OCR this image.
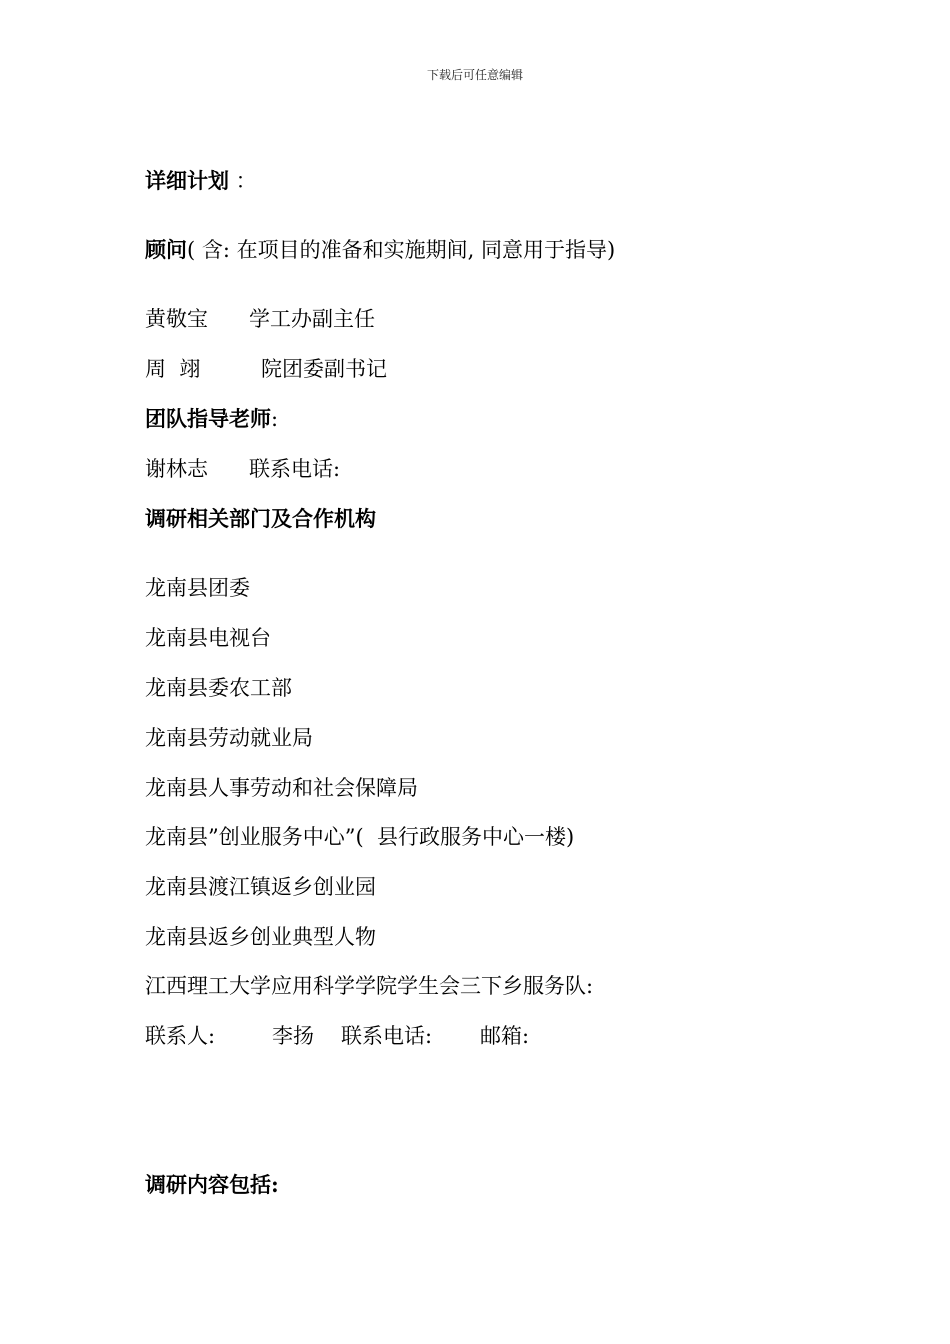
下载后可任意编辑
详细计划 ：
顾问( 含: 在项目的准备和实施期间, 同意用于指导)
黄敬宝 学工办副主任
周  翊	院团委副书记
团队指导老师:
谢林志 联系电话:
调研相关部门及合作机构
龙南县团委
龙南县电视台
龙南县委农工部
龙南县劳动就业局
龙南县人事劳动和社会保障局
龙南县”创业服务中心”(  县行政服务中心一楼)
龙南县渡江镇返乡创业园
龙南县返乡创业典型人物
江西理工大学应用科学学院学生会三下乡服务队:
联系人:	李扬 联系电话: 邮箱:
调研内容包括:
